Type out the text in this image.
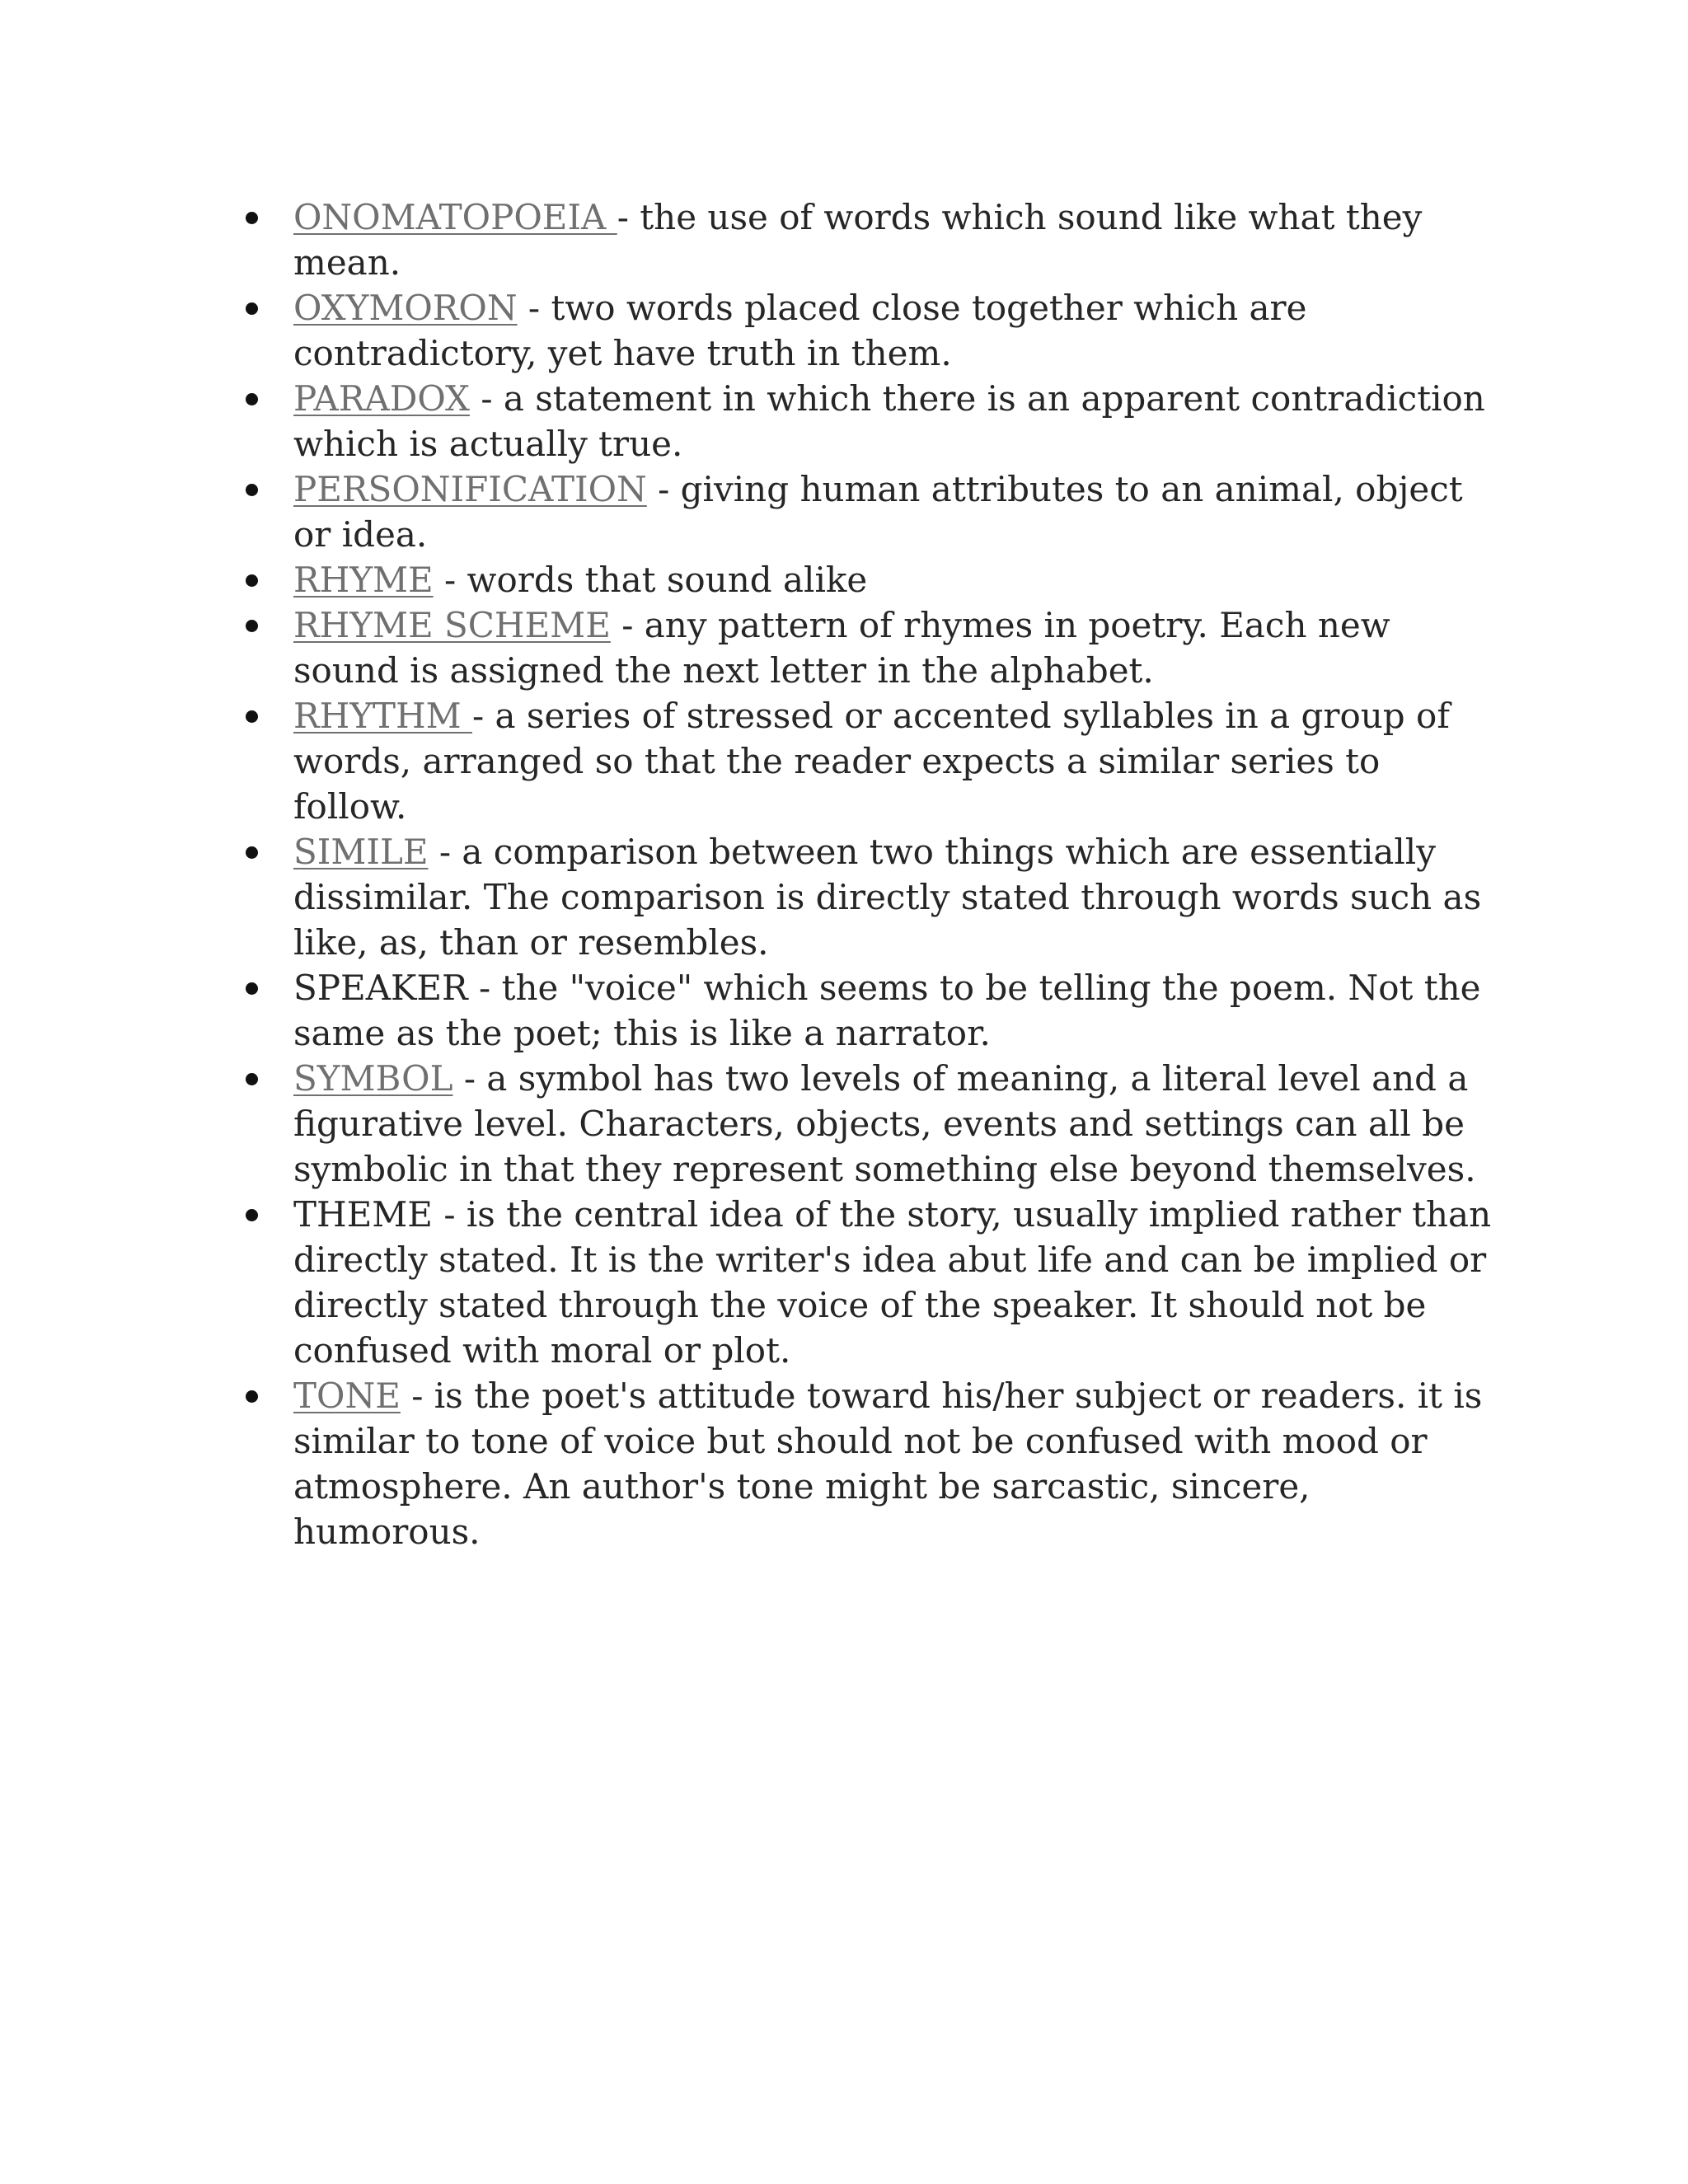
ONOMATOPOEIA - the use of words which sound like what they mean.
OXYMORON - two words placed close together which are contradictory, yet have truth in them.
PARADOX - a statement in which there is an apparent contradiction which is actually true.
PERSONIFICATION - giving human attributes to an animal, object or idea.
RHYME - words that sound alike
RHYME SCHEME - any pattern of rhymes in poetry. Each new sound is assigned the next letter in the alphabet.
RHYTHM - a series of stressed or accented syllables in a group of words, arranged so that the reader expects a similar series to follow.
SIMILE - a comparison between two things which are essentially dissimilar. The comparison is directly stated through words such as like, as, than or resembles.
SPEAKER - the "voice" which seems to be telling the poem. Not the same as the poet; this is like a narrator.
SYMBOL - a symbol has two levels of meaning, a literal level and a figurative level. Characters, objects, events and settings can all be symbolic in that they represent something else beyond themselves.
THEME - is the central idea of the story, usually implied rather than directly stated. It is the writer's idea abut life and can be implied or directly stated through the voice of the speaker. It should not be confused with moral or plot.
TONE - is the poet's attitude toward his/her subject or readers. it is similar to tone of voice but should not be confused with mood or atmosphere. An author's tone might be sarcastic, sincere, humorous.
